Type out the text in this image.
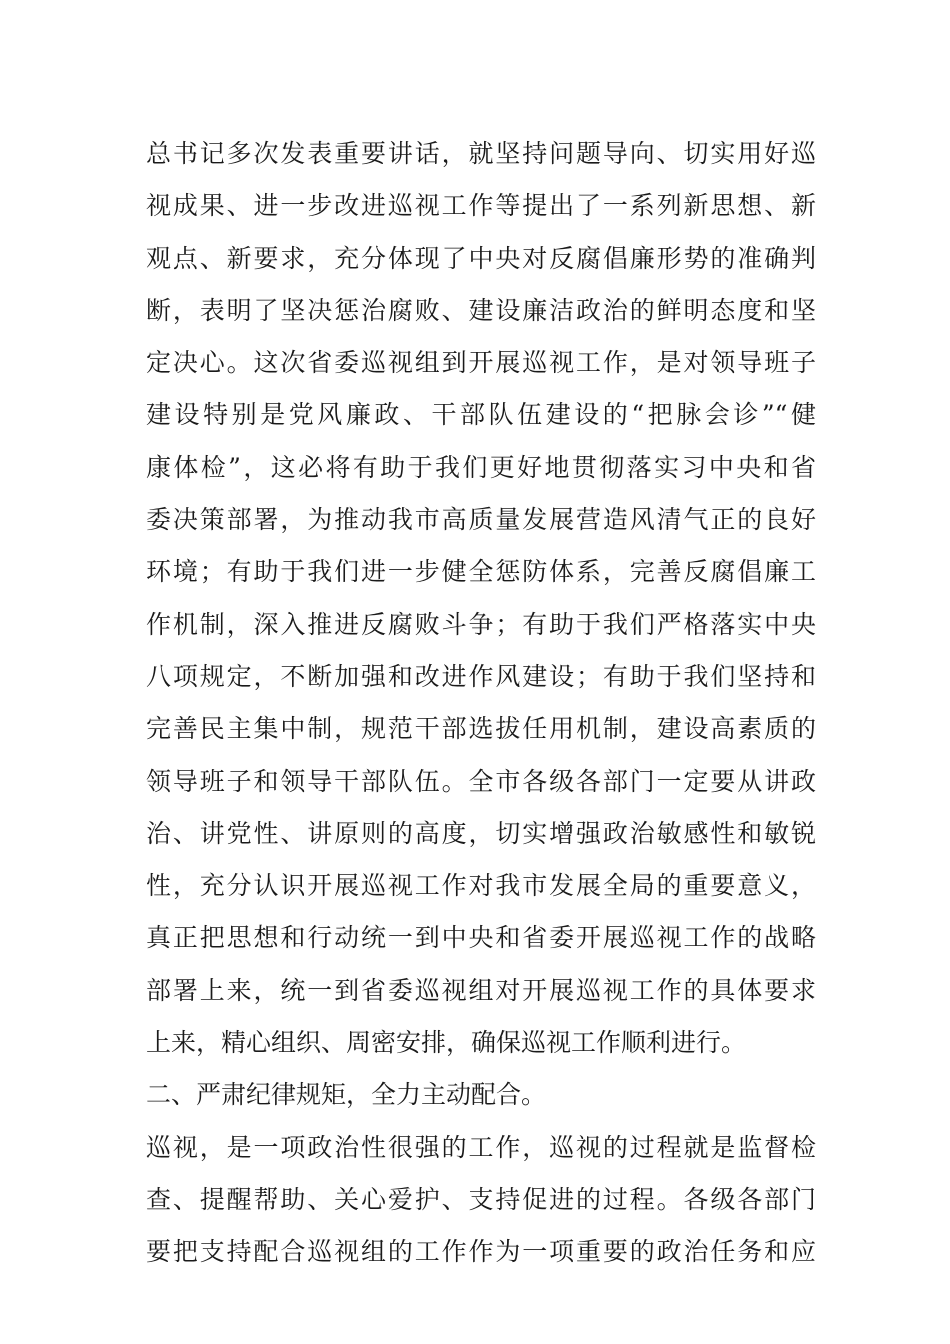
总书记多次发表重要讲话，就坚持问题导向、切实用好巡
视成果、进一步改进巡视工作等提出了一系列新思想、新
观点、新要求，充分体现了中央对反腐倡廉形势的准确判
断，表明了坚决惩治腐败、建设廉洁政治的鲜明态度和坚
定决心。这次省委巡视组到开展巡视工作，是对领导班子
建设特别是党风廉政、干部队伍建设的“把脉会诊”“健
康体检”，这必将有助于我们更好地贯彻落实习中央和省
委决策部署，为推动我市高质量发展营造风清气正的良好
环境；有助于我们进一步健全惩防体系，完善反腐倡廉工
作机制，深入推进反腐败斗争；有助于我们严格落实中央
八项规定，不断加强和改进作风建设；有助于我们坚持和
完善民主集中制，规范干部选拔任用机制，建设高素质的
领导班子和领导干部队伍。全市各级各部门一定要从讲政
治、讲党性、讲原则的高度，切实增强政治敏感性和敏锐
性，充分认识开展巡视工作对我市发展全局的重要意义，
真正把思想和行动统一到中央和省委开展巡视工作的战略
部署上来，统一到省委巡视组对开展巡视工作的具体要求
上来，精心组织、周密安排，确保巡视工作顺利进行。
二、严肃纪律规矩，全力主动配合。
巡视，是一项政治性很强的工作，巡视的过程就是监督检
查、提醒帮助、关心爱护、支持促进的过程。各级各部门
要把支持配合巡视组的工作作为一项重要的政治任务和应
